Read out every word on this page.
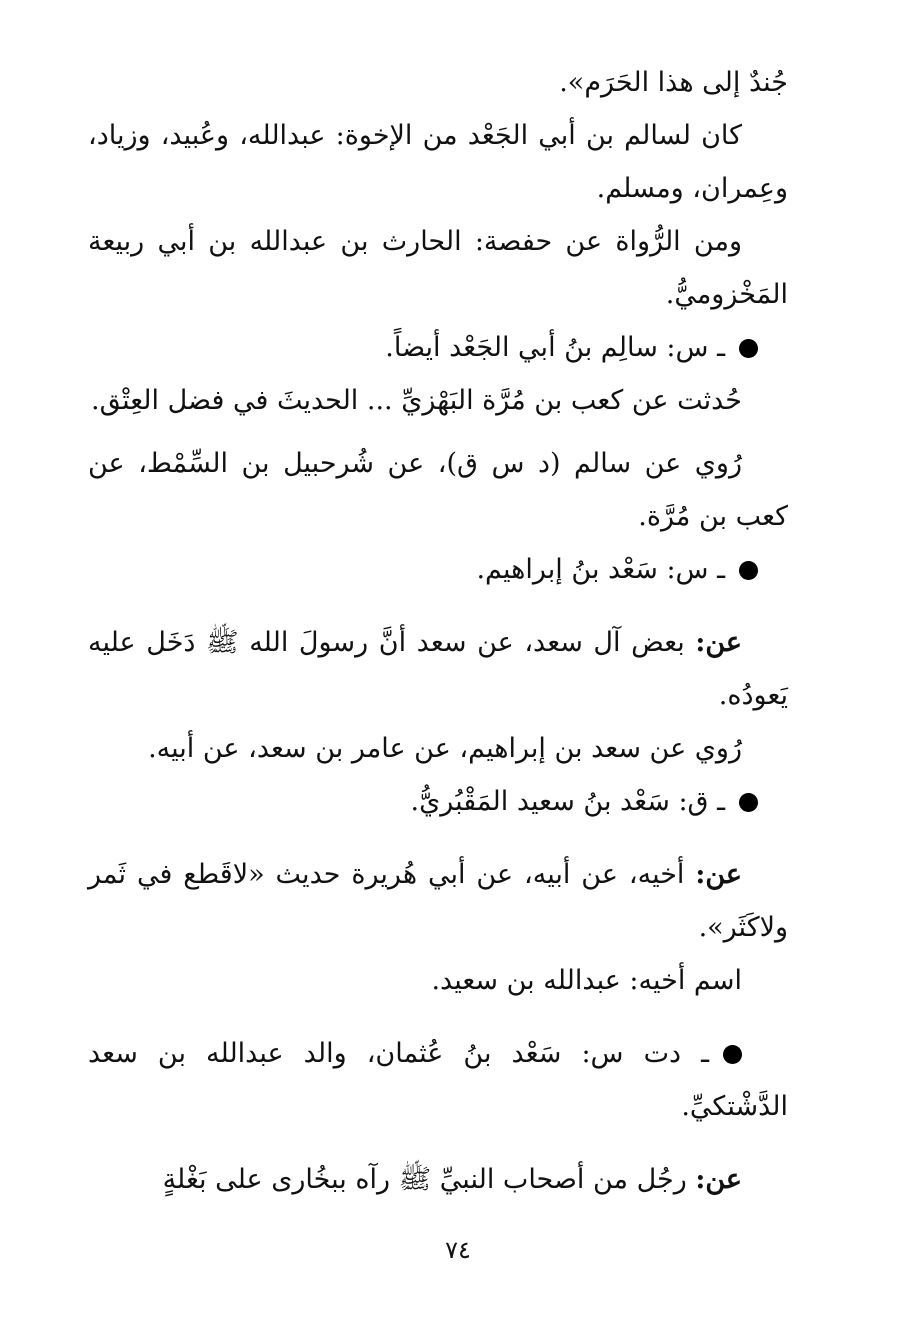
جُندٌ إلى هذا الحَرَم».

كان لسالم بن أبي الجَعْد من الإخوة: عبدالله، وعُبيد، وزياد، وعِمران، ومسلم.

ومن الرُّواة عن حفصة: الحارث بن عبدالله بن أبي ربيعة المَخْزوميُّ.

ـ س: سالِم بنُ أبي الجَعْد أيضاً.

حُدثت عن كعب بن مُرَّة البَهْزيِّ ... الحديثَ في فضل العِتْق.

رُوي عن سالم (د س ق)، عن شُرحبيل بن السِّمْط، عن كعب بن مُرَّة.

ـ س: سَعْد بنُ إبراهيم.

عن: بعض آل سعد، عن سعد أنَّ رسولَ الله ﷺ دَخَل عليه يَعودُه.

رُوي عن سعد بن إبراهيم، عن عامر بن سعد، عن أبيه.

ـ ق: سَعْد بنُ سعيد المَقْبُريُّ.

عن: أخيه، عن أبيه، عن أبي هُريرة حديث «لاقَطع في ثَمر ولاكَثَر».

اسم أخيه: عبدالله بن سعيد.

ـ دت س: سَعْد بنُ عُثمان، والد عبدالله بن سعد الدَّشْتكيِّ.

عن: رجُل من أصحاب النبيِّ ﷺ رآه ببخُارى على بَغْلةٍ

٧٤
